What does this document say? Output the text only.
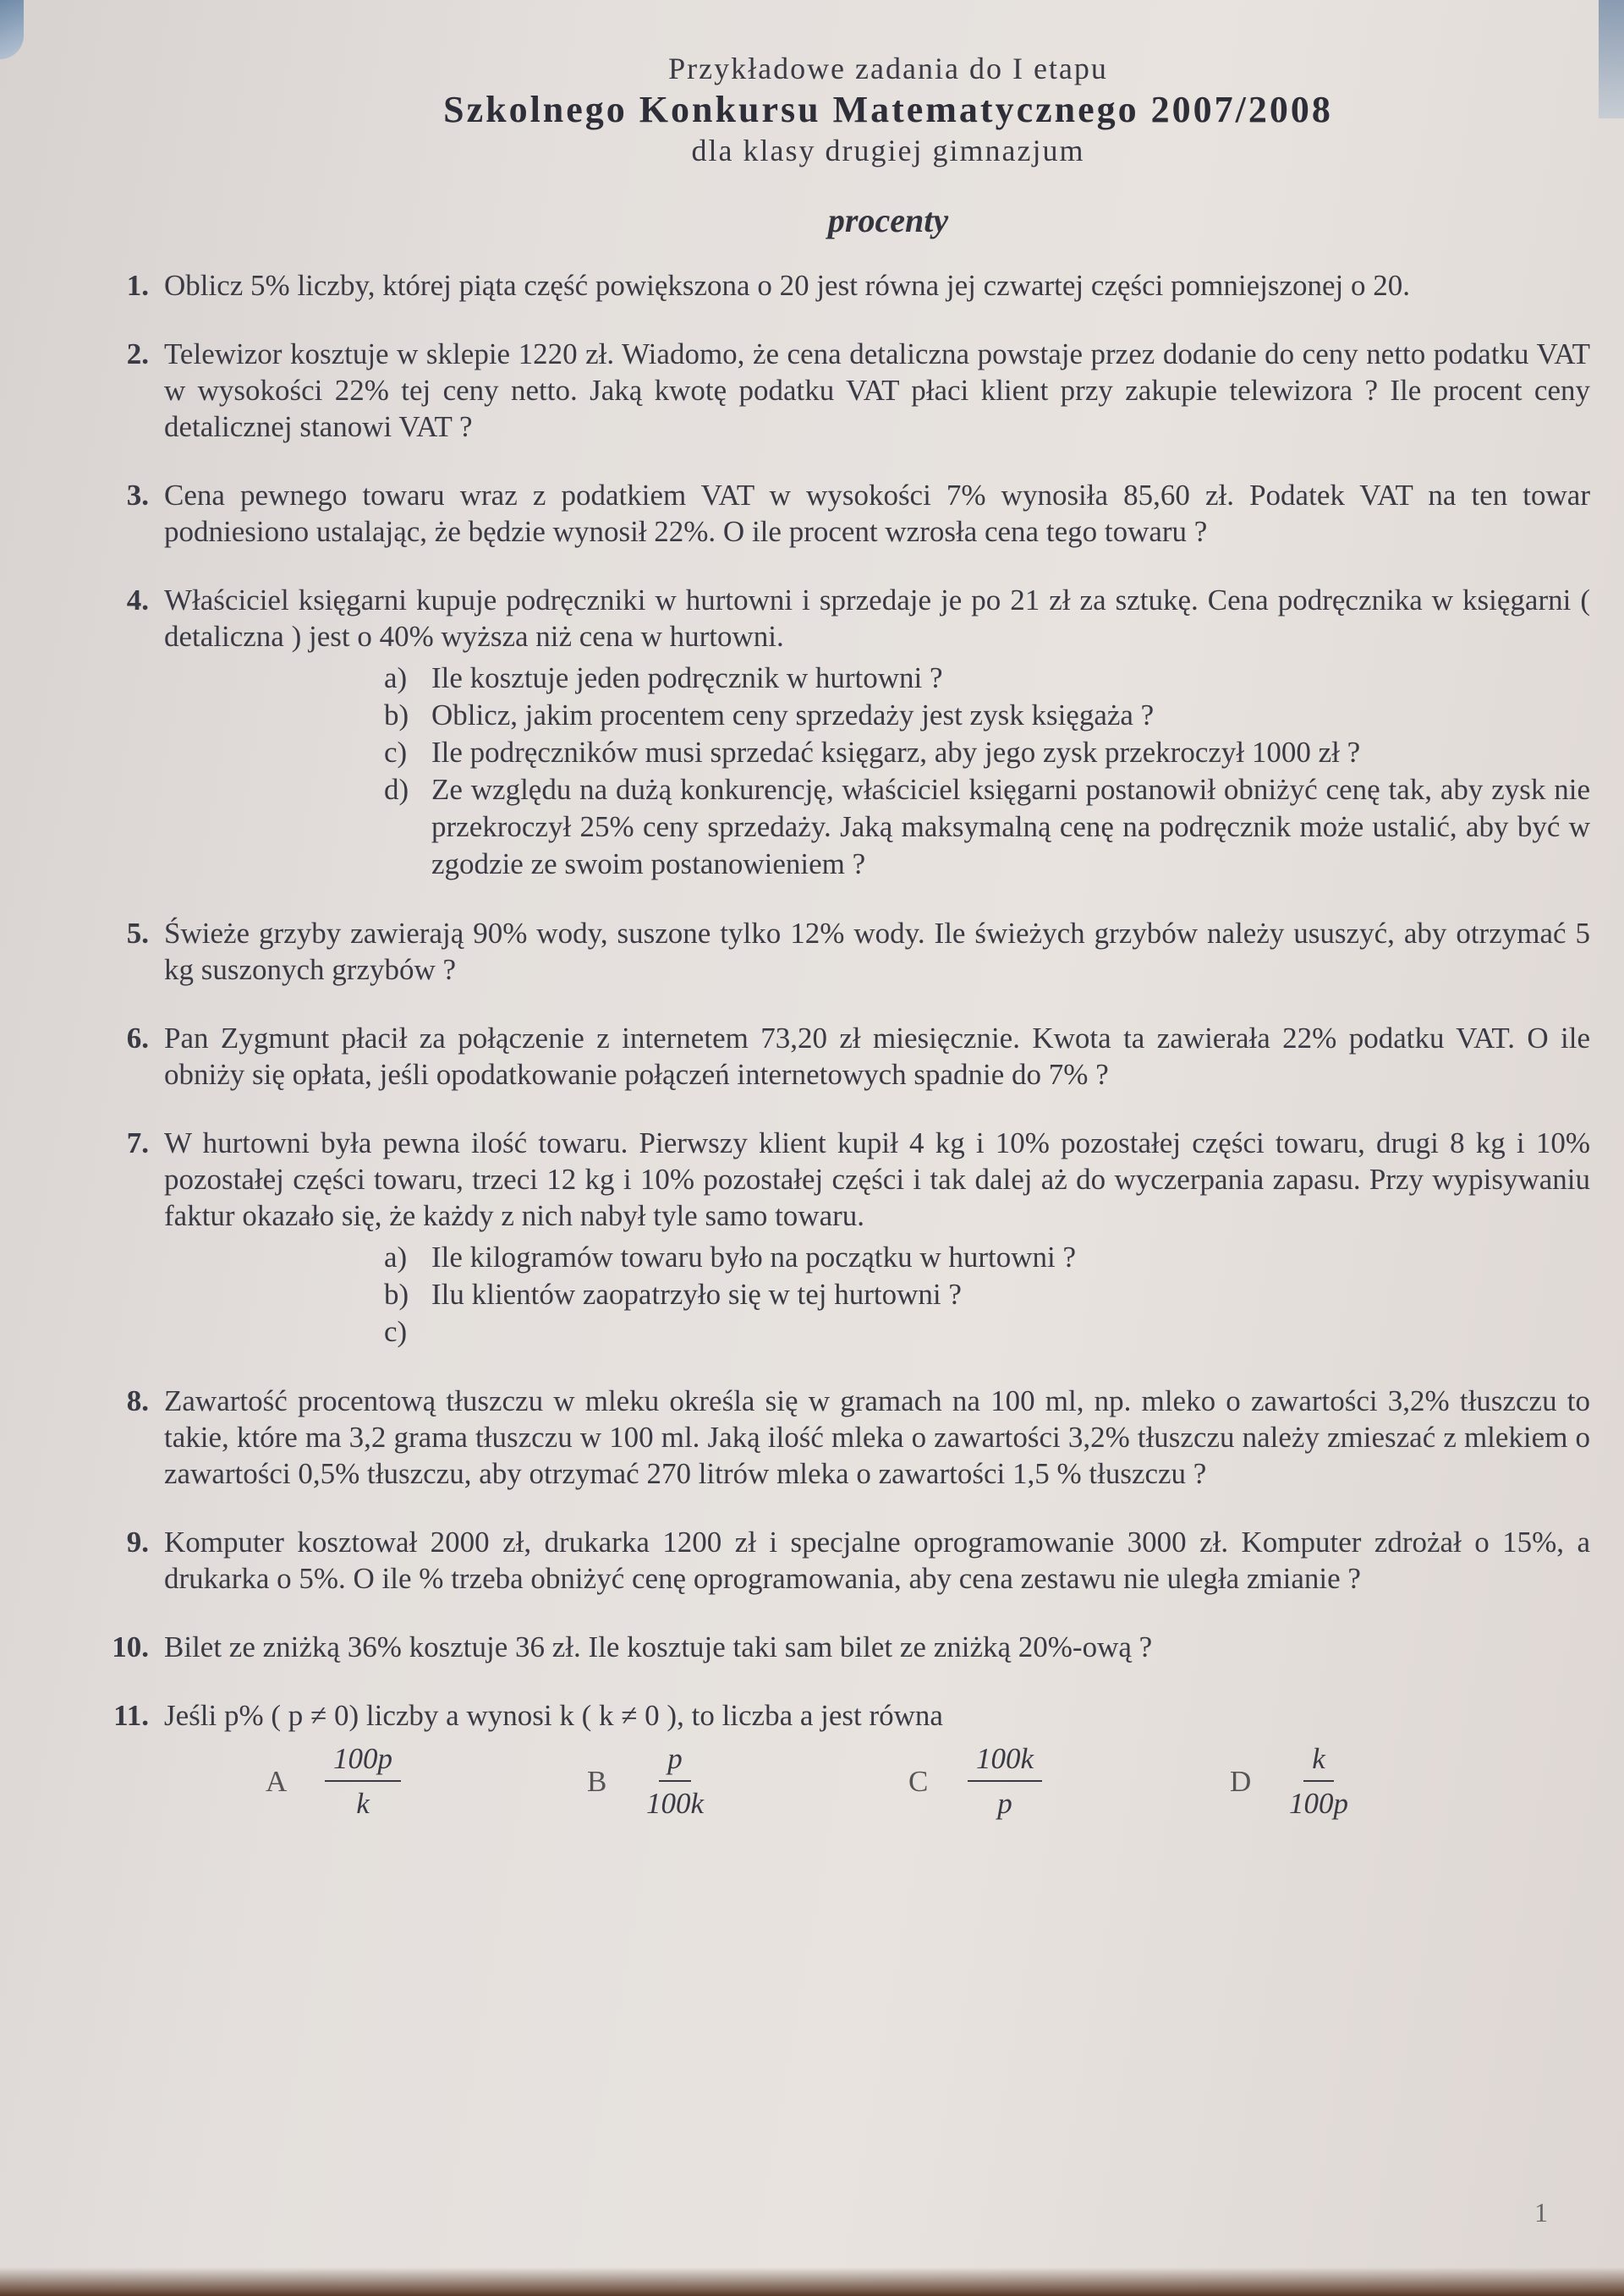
Przykładowe zadania do I etapu
Szkolnego Konkursu Matematycznego 2007/2008
dla klasy drugiej gimnazjum
procenty
1. Oblicz 5% liczby, której piąta część powiększona o 20 jest równa jej czwartej części pomniejszonej o 20.
2. Telewizor kosztuje w sklepie 1220 zł. Wiadomo, że cena detaliczna powstaje przez dodanie do ceny netto podatku VAT w wysokości 22% tej ceny netto. Jaką kwotę podatku VAT płaci klient przy zakupie telewizora ? Ile procent ceny detalicznej stanowi VAT ?
3. Cena pewnego towaru wraz z podatkiem VAT w wysokości 7% wynosiła 85,60 zł. Podatek VAT na ten towar podniesiono ustalając, że będzie wynosił 22%. O ile procent wzrosła cena tego towaru ?
4. Właściciel księgarni kupuje podręczniki w hurtowni i sprzedaje je po 21 zł za sztukę. Cena podręcznika w księgarni ( detaliczna ) jest o 40% wyższa niż cena w hurtowni.
a) Ile kosztuje jeden podręcznik w hurtowni ?
b) Oblicz, jakim procentem ceny sprzedaży jest zysk księgaża ?
c) Ile podręczników musi sprzedać księgarz, aby jego zysk przekroczył 1000 zł ?
d) Ze względu na dużą konkurencję, właściciel księgarni postanowił obniżyć cenę tak, aby zysk nie przekroczył 25% ceny sprzedaży. Jaką maksymalną cenę na podręcznik może ustalić, aby być w zgodzie ze swoim postanowieniem ?
5. Świeże grzyby zawierają 90% wody, suszone tylko 12% wody. Ile świeżych grzybów należy ususzyć, aby otrzymać 5 kg suszonych grzybów ?
6. Pan Zygmunt płacił za połączenie z internetem 73,20 zł miesięcznie. Kwota ta zawierała 22% podatku VAT. O ile obniży się opłata, jeśli opodatkowanie połączeń internetowych spadnie do 7% ?
7. W hurtowni była pewna ilość towaru. Pierwszy klient kupił 4 kg i 10% pozostałej części towaru, drugi 8 kg i 10% pozostałej części towaru, trzeci 12 kg i 10% pozostałej części i tak dalej aż do wyczerpania zapasu. Przy wypisywaniu faktur okazało się, że każdy z nich nabył tyle samo towaru.
a) Ile kilogramów towaru było na początku w hurtowni ?
b) Ilu klientów zaopatrzyło się w tej hurtowni ?
c)
8. Zawartość procentową tłuszczu w mleku określa się w gramach na 100 ml, np. mleko o zawartości 3,2% tłuszczu to takie, które ma 3,2 grama tłuszczu w 100 ml. Jaką ilość mleka o zawartości 3,2% tłuszczu należy zmieszać z mlekiem o zawartości 0,5% tłuszczu, aby otrzymać 270 litrów mleka o zawartości 1,5 % tłuszczu ?
9. Komputer kosztował 2000 zł, drukarka 1200 zł i specjalne oprogramowanie 3000 zł. Komputer zdrożał o 15%, a drukarka o 5%. O ile % trzeba obniżyć cenę oprogramowania, aby cena zestawu nie uległa zmianie ?
10. Bilet ze zniżką 36% kosztuje 36 zł. Ile kosztuje taki sam bilet ze zniżką 20%-ową ?
11. Jeśli p% ( p ≠ 0) liczby a wynosi k ( k ≠ 0 ), to liczba a jest równa
A	$\frac{100p}{k}$	B	$\frac{p}{100k}$	C	$\frac{100k}{p}$	D	$\frac{k}{100p}$
1
